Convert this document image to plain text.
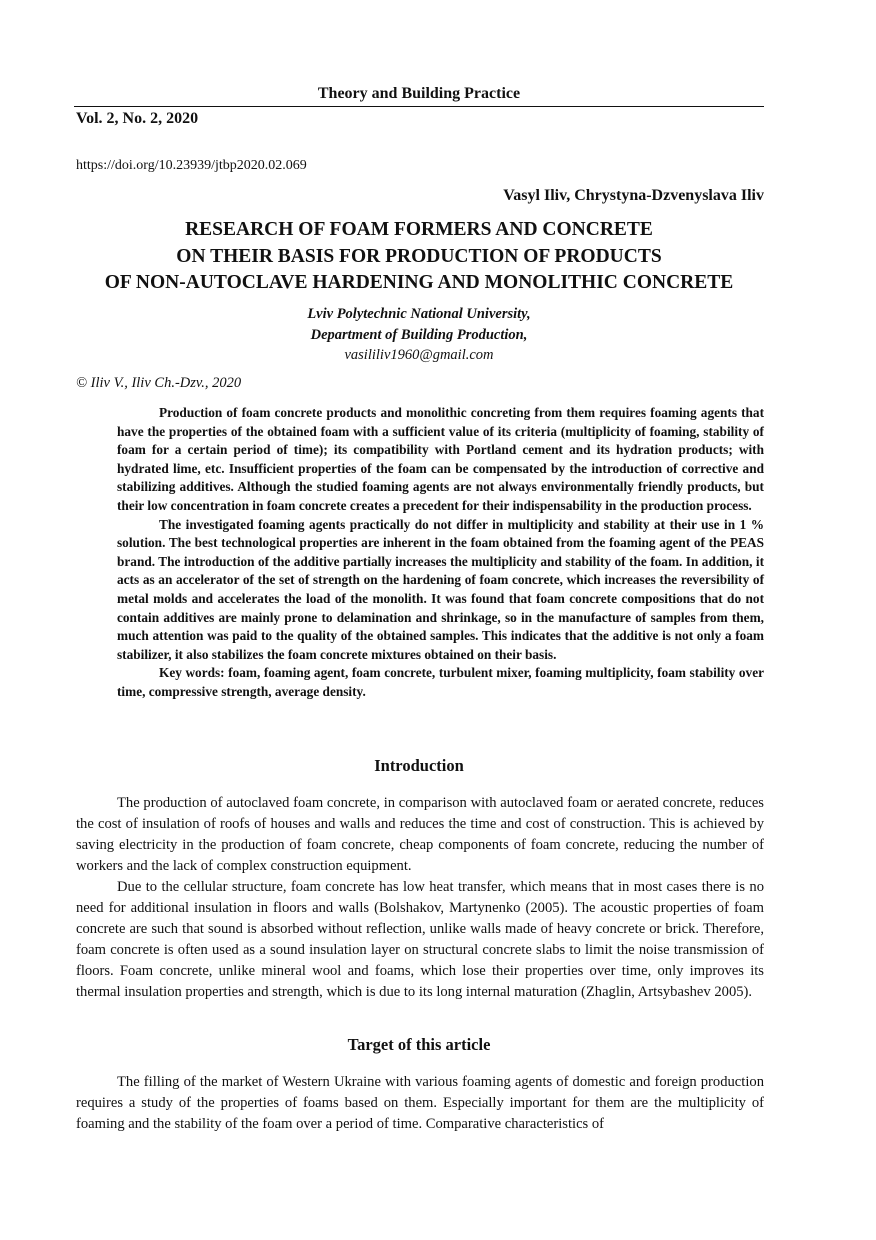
Theory and Building Practice
Vol. 2, No. 2, 2020
https://doi.org/10.23939/jtbp2020.02.069
Vasyl Iliv, Chrystyna-Dzvenyslava Iliv
RESEARCH OF FOAM FORMERS AND CONCRETE
ON THEIR BASIS FOR PRODUCTION OF PRODUCTS
OF NON-AUTOCLAVE HARDENING AND MONOLITHIC CONCRETE
Lviv Polytechnic National University,
Department of Building Production,
vasililiv1960@gmail.com
© Iliv V., Iliv Ch.-Dzv., 2020

Production of foam concrete products and monolithic concreting from them requires foaming agents that have the properties of the obtained foam with a sufficient value of its criteria (multiplicity of foaming, stability of foam for a certain period of time); its compatibility with Portland cement and its hydration products; with hydrated lime, etc. Insufficient properties of the foam can be compensated by the introduction of corrective and stabilizing additives. Although the studied foaming agents are not always environmentally friendly products, but their low concentration in foam concrete creates a precedent for their indispensability in the production process.

The investigated foaming agents practically do not differ in multiplicity and stability at their use in 1 % solution. The best technological properties are inherent in the foam obtained from the foaming agent of the PEAS brand. The introduction of the additive partially increases the multiplicity and stability of the foam. In addition, it acts as an accelerator of the set of strength on the hardening of foam concrete, which increases the reversibility of metal molds and accelerates the load of the monolith. It was found that foam concrete compositions that do not contain additives are mainly prone to delamination and shrinkage, so in the manufacture of samples from them, much attention was paid to the quality of the obtained samples. This indicates that the additive is not only a foam stabilizer, it also stabilizes the foam concrete mixtures obtained on their basis.

Key words: foam, foaming agent, foam concrete, turbulent mixer, foaming multiplicity, foam stability over time, compressive strength, average density.

Introduction

The production of autoclaved foam concrete, in comparison with autoclaved foam or aerated concrete, reduces the cost of insulation of roofs of houses and walls and reduces the time and cost of construction. This is achieved by saving electricity in the production of foam concrete, cheap components of foam concrete, reducing the number of workers and the lack of complex construction equipment.

Due to the cellular structure, foam concrete has low heat transfer, which means that in most cases there is no need for additional insulation in floors and walls (Bolshakov, Martynenko (2005). The acoustic properties of foam concrete are such that sound is absorbed without reflection, unlike walls made of heavy concrete or brick. Therefore, foam concrete is often used as a sound insulation layer on structural concrete slabs to limit the noise transmission of floors. Foam concrete, unlike mineral wool and foams, which lose their properties over time, only improves its thermal insulation properties and strength, which is due to its long internal maturation (Zhaglin, Artsybashev 2005).

Target of this article

The filling of the market of Western Ukraine with various foaming agents of domestic and foreign production requires a study of the properties of foams based on them. Especially important for them are the multiplicity of foaming and the stability of the foam over a period of time. Comparative characteristics of
